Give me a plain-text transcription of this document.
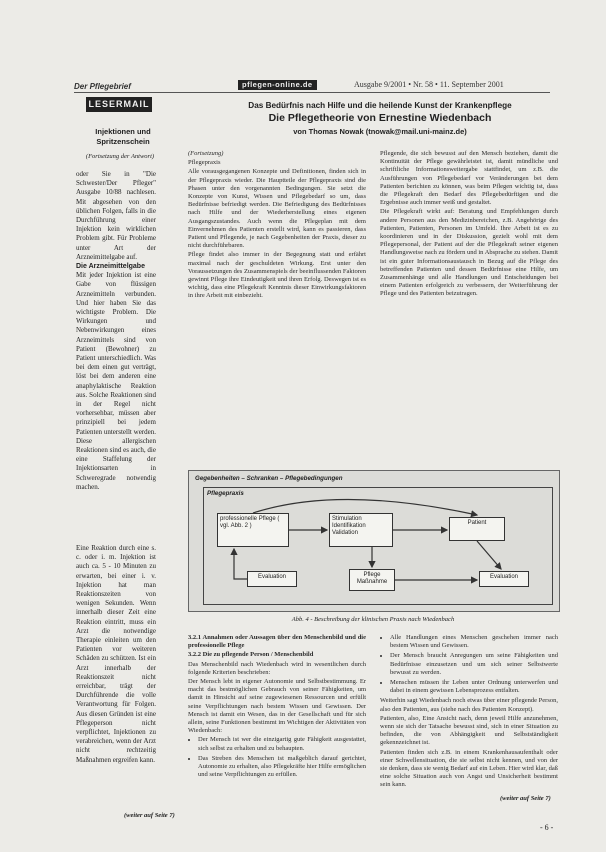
Der Pflegebrief	pflegen-online.de	Ausgabe 9/2001 • Nr. 58 • 11. September 2001
LESERMAIL
Injektionen und
Spritzenschein
(Fortsetzung der Antwort)
oder Sie in "Die Schwester/Der Pfleger" Ausgabe 10/88 nachlesen. Mit abgesehen von den üblichen Folgen, falls in die Durchführung einer Injektion kein wirklichen Problem gibt. Für Probleme unter Art der Arzneimittelgabe auf.
Die Arzneimittelgabe
Mit jeder Injektion ist eine Gabe von flüssigen Arzneimitteln verbunden. Und hier haben Sie das wichtigste Problem. Die Wirkungen und Nebenwirkungen eines Arzneimittels sind von Patient (Bewohner) zu Patient unterschiedlich. Was bei dem einen gut verträgt, löst bei dem anderen eine anaphylaktische Reaktion aus. Solche Reaktionen sind in der Regel nicht vorhersehbar, müssen aber prinzipiell bei jedem Patienten unterstellt werden. Diese allergischen Reaktionen sind es auch, die eine Staffelung der Injektionsarten in Schweregrade notwendig machen.
Eine Reaktion durch eine s. c. oder i. m. Injektion ist auch ca. 5 - 10 Minuten zu erwarten, bei einer i. v. Injektion hat man Reaktionszeiten von wenigen Sekunden. Wenn innerhalb dieser Zeit eine Reaktion eintritt, muss ein Arzt die notwendige Therapie einleiten um den Patienten vor weiteren Schäden zu schützen. Ist ein Arzt innerhalb der Reaktionszeit nicht erreichbar, trägt der Durchführende die volle Verantwortung für Folgen. Aus diesen Gründen ist eine Pflegeperson nicht verpflichtet, Injektionen zu verabreichen, wenn der Arzt nicht rechtzeitig Maßnahmen ergreifen kann.
(weiter auf Seite 7)
Das Bedürfnis nach Hilfe und die heilende Kunst der Krankenpflege
Die Pflegetheorie von Ernestine Wiedenbach
von Thomas Nowak (tnowak@mail.uni-mainz.de)

(Fortsetzung)

Pflegepraxis

Alle vorausgegangenen Konzepte und Definitionen, finden sich in der Pflegepraxis wieder. Die Hauptteile der Pflegepraxis sind die Phasen unter den vorgenannten Bedingungen. Sie setzt die Konzepte von Kunst, Wissen und Pflegebedarf so um, dass Bedürfnisse befriedigt werden. Die Befriedigung des Bedürfnisses nach Hilfe und der Wiederherstellung eines eigenen Ausgangszustandes. Auch wenn die Pflegeplan mit dem Einvernehmen des Patienten erstellt wird, kann es passieren, dass Patient und Pflegende, je nach Gegebenheiten der Praxis, dieser zu nicht durchführbaren.

Pflege findet also immer in der Begegnung statt und erfährt maximal nach der geschuldeten Wirkung. Erst unter den Voraussetzungen des Zusammenspiels der beeinflussenden Faktoren gewinnt Pflege ihre Eindeutigkeit und ihren Erfolg. Deswegen ist es wichtig, dass eine Pflegekraft Kenntnis dieser Einwirkungsfaktoren in ihre Arbeit mit einbezieht.

Pflegende, die sich bewusst auf den Mensch beziehen, damit die Kontinuität der Pflege gewährleistet ist, damit mündliche und schriftliche Informationsweitergabe stattfindet, um z.B. die Ausführungen von Pflegebedarf vor Veränderungen bei dem Patienten berichten zu können, was beim Pflegen wichtig ist, dass die Pflegekraft den Bedarf des Pflegebedürftigen und die Ergebnisse auch immer weiß und gestaltet.

Die Pflegekraft wirkt auf: Beratung und Empfehlungen durch andere Personen aus den Medizinbereichen, z.B. Angehörige des Patienten, Patienten, Personen im Umfeld. Ihre Arbeit ist es zu koordinieren und in der Diskussion, gezielt wohl mit dem Pflegepersonal, der Patient auf der die Pflegekraft seiner eigenen Handlungsweise nach zu fördern und in Absprache zu stehen. Damit ist ein guter Informationsaustausch in Bezug auf die Pflege des betreffenden Patienten und dessen Bedürfnisse eine Hilfe, um Zusammenhänge und alle Handlungen und Entscheidungen bei einem Patienten erfolgreich zu verbessern, der Weiterführung der Pflege und des Patienten beizutragen.

Gegebenheiten – Schranken – Pflegebedingungen
Pflegepraxis
professionelle Pflege ( vgl. Abb. 2 )
Stimulation Identifikation Validation
Patient
Evaluation	Pflege Maßnahme
Evaluation
Abb. 4 - Beschreibung der klinischen Praxis nach Wiedenbach

3.2.1 Annahmen oder Aussagen über den Menschenbild und die professionelle Pflege

3.2.2 Die zu pflegende Person / Menschenbild

Das Menschenbild nach Wiedenbach wird in wesentlichen durch folgende Kriterien beschrieben:

Der Mensch lebt in eigener Autonomie und Selbstbestimmung. Er macht das bestmöglichen Gebrauch von seiner Fähigkeiten, um damit in Hinsicht auf seine zugewiesenen Ressourcen und erfüllt seine Verpflichtungen nach bestem Wissen und Gewissen. Der Mensch ist damit ein Wesen, das in der Gesellschaft und für sich allein, seine Funktionen bestimmt im Wichtigen der Aktivitäten von Wiedenbach:

• Der Mensch ist wer die einzigartig gute Fähigkeit ausgestattet, sich selbst zu erhalten und zu behaupten.
• Das Streben des Menschen ist maßgeblich darauf gerichtet, Autonomie zu erhalten, also Pflegekräfte hier Hilfe ermöglichen und seine Verpflichtungen zu erfüllen.
• Alle Handlungen eines Menschen geschehen immer nach bestem Wissen und Gewissen.
• Der Mensch braucht Anregungen um seine Fähigkeiten und Bedürfnisse einzusetzen und um sich seiner Selbstwerte bewusst zu werden.
• Menschen müssen ihr Leben unter Ordnung unterwerfen und dabei in einem gewissen Lebensprozess entfalten.

Weiterhin sagt Wiedenbach noch etwas über einer pflegende Person, also den Patienten, aus (siehe nach des Patienten Konzept).

Patienten, also, Eine Ansicht nach, denn jeweil Hilfe anzunehmen, wenn sie sich der Tatsache bewusst sind, sich in einer Situation zu befinden, die von Abhängigkeit und Selbstständigkeit gekennzeichnet ist.

Patienten finden sich z.B. in einem Krankenhausaufenthalt oder einer Schwellensituation, die sie selbst nicht kennen, und von der sie denken, dass sie wenig Bedarf auf ein Leben. Hier wird klar, daß eine solche Situation auch von Angst und Unsicherheit bestimmt sein kann.

(weiter auf Seite 7)
- 6 -
